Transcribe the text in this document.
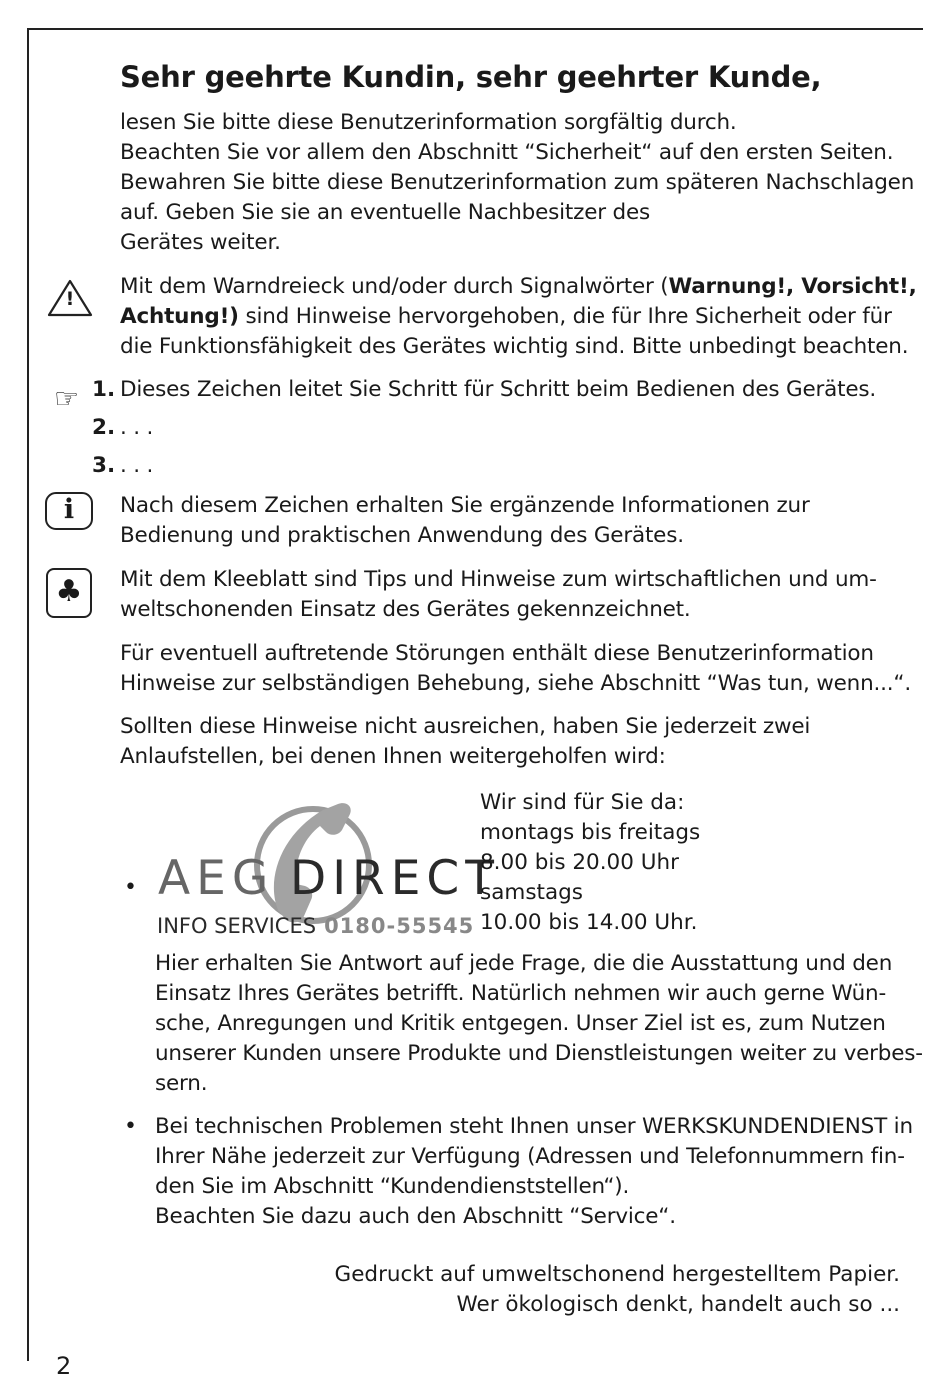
Sehr geehrte Kundin, sehr geehrter Kunde,
lesen Sie bitte diese Benutzerinformation sorgfältig durch.
Beachten Sie vor allem den Abschnitt “Sicherheit“ auf den ersten Seiten.
Bewahren Sie bitte diese Benutzerinformation zum späteren Nachschlagen
auf. Geben Sie sie an eventuelle Nachbesitzer des
Gerätes weiter.
!	Mit dem Warndreieck und/oder durch Signalwörter (Warnung!, Vorsicht!,
Achtung!) sind Hinweise hervorgehoben, die für Ihre Sicherheit oder für
die Funktionsfähigkeit des Gerätes wichtig sind. Bitte unbedingt beachten.
☞ 1. Dieses Zeichen leitet Sie Schritt für Schritt beim Bedienen des Gerätes.
2. . . .
3. . . .
i	Nach diesem Zeichen erhalten Sie ergänzende Informationen zur
Bedienung und praktischen Anwendung des Gerätes.
♣	Mit dem Kleeblatt sind Tips und Hinweise zum wirtschaftlichen und um-
weltschonenden Einsatz des Gerätes gekennzeichnet.
Für eventuell auftretende Störungen enthält diese Benutzerinformation
Hinweise zur selbständigen Behebung, siehe Abschnitt “Was tun, wenn...“.
Sollten diese Hinweise nicht ausreichen, haben Sie jederzeit zwei
Anlaufstellen, bei denen Ihnen weitergeholfen wird:
• AEG DIRECT
INFO SERVICES 0180-55545
Wir sind für Sie da:
montags bis freitags
8.00 bis 20.00 Uhr
samstags
10.00 bis 14.00 Uhr.
Hier erhalten Sie Antwort auf jede Frage, die die Ausstattung und den
Einsatz Ihres Gerätes betrifft. Natürlich nehmen wir auch gerne Wün-
sche, Anregungen und Kritik entgegen. Unser Ziel ist es, zum Nutzen
unserer Kunden unsere Produkte und Dienstleistungen weiter zu verbes-
sern.
• Bei technischen Problemen steht Ihnen unser WERKSKUNDENDIENST in
Ihrer Nähe jederzeit zur Verfügung (Adressen und Telefonnummern fin-
den Sie im Abschnitt “Kundendienststellen“).
Beachten Sie dazu auch den Abschnitt “Service“.
Gedruckt auf umweltschonend hergestelltem Papier.
Wer ökologisch denkt, handelt auch so ...
2
